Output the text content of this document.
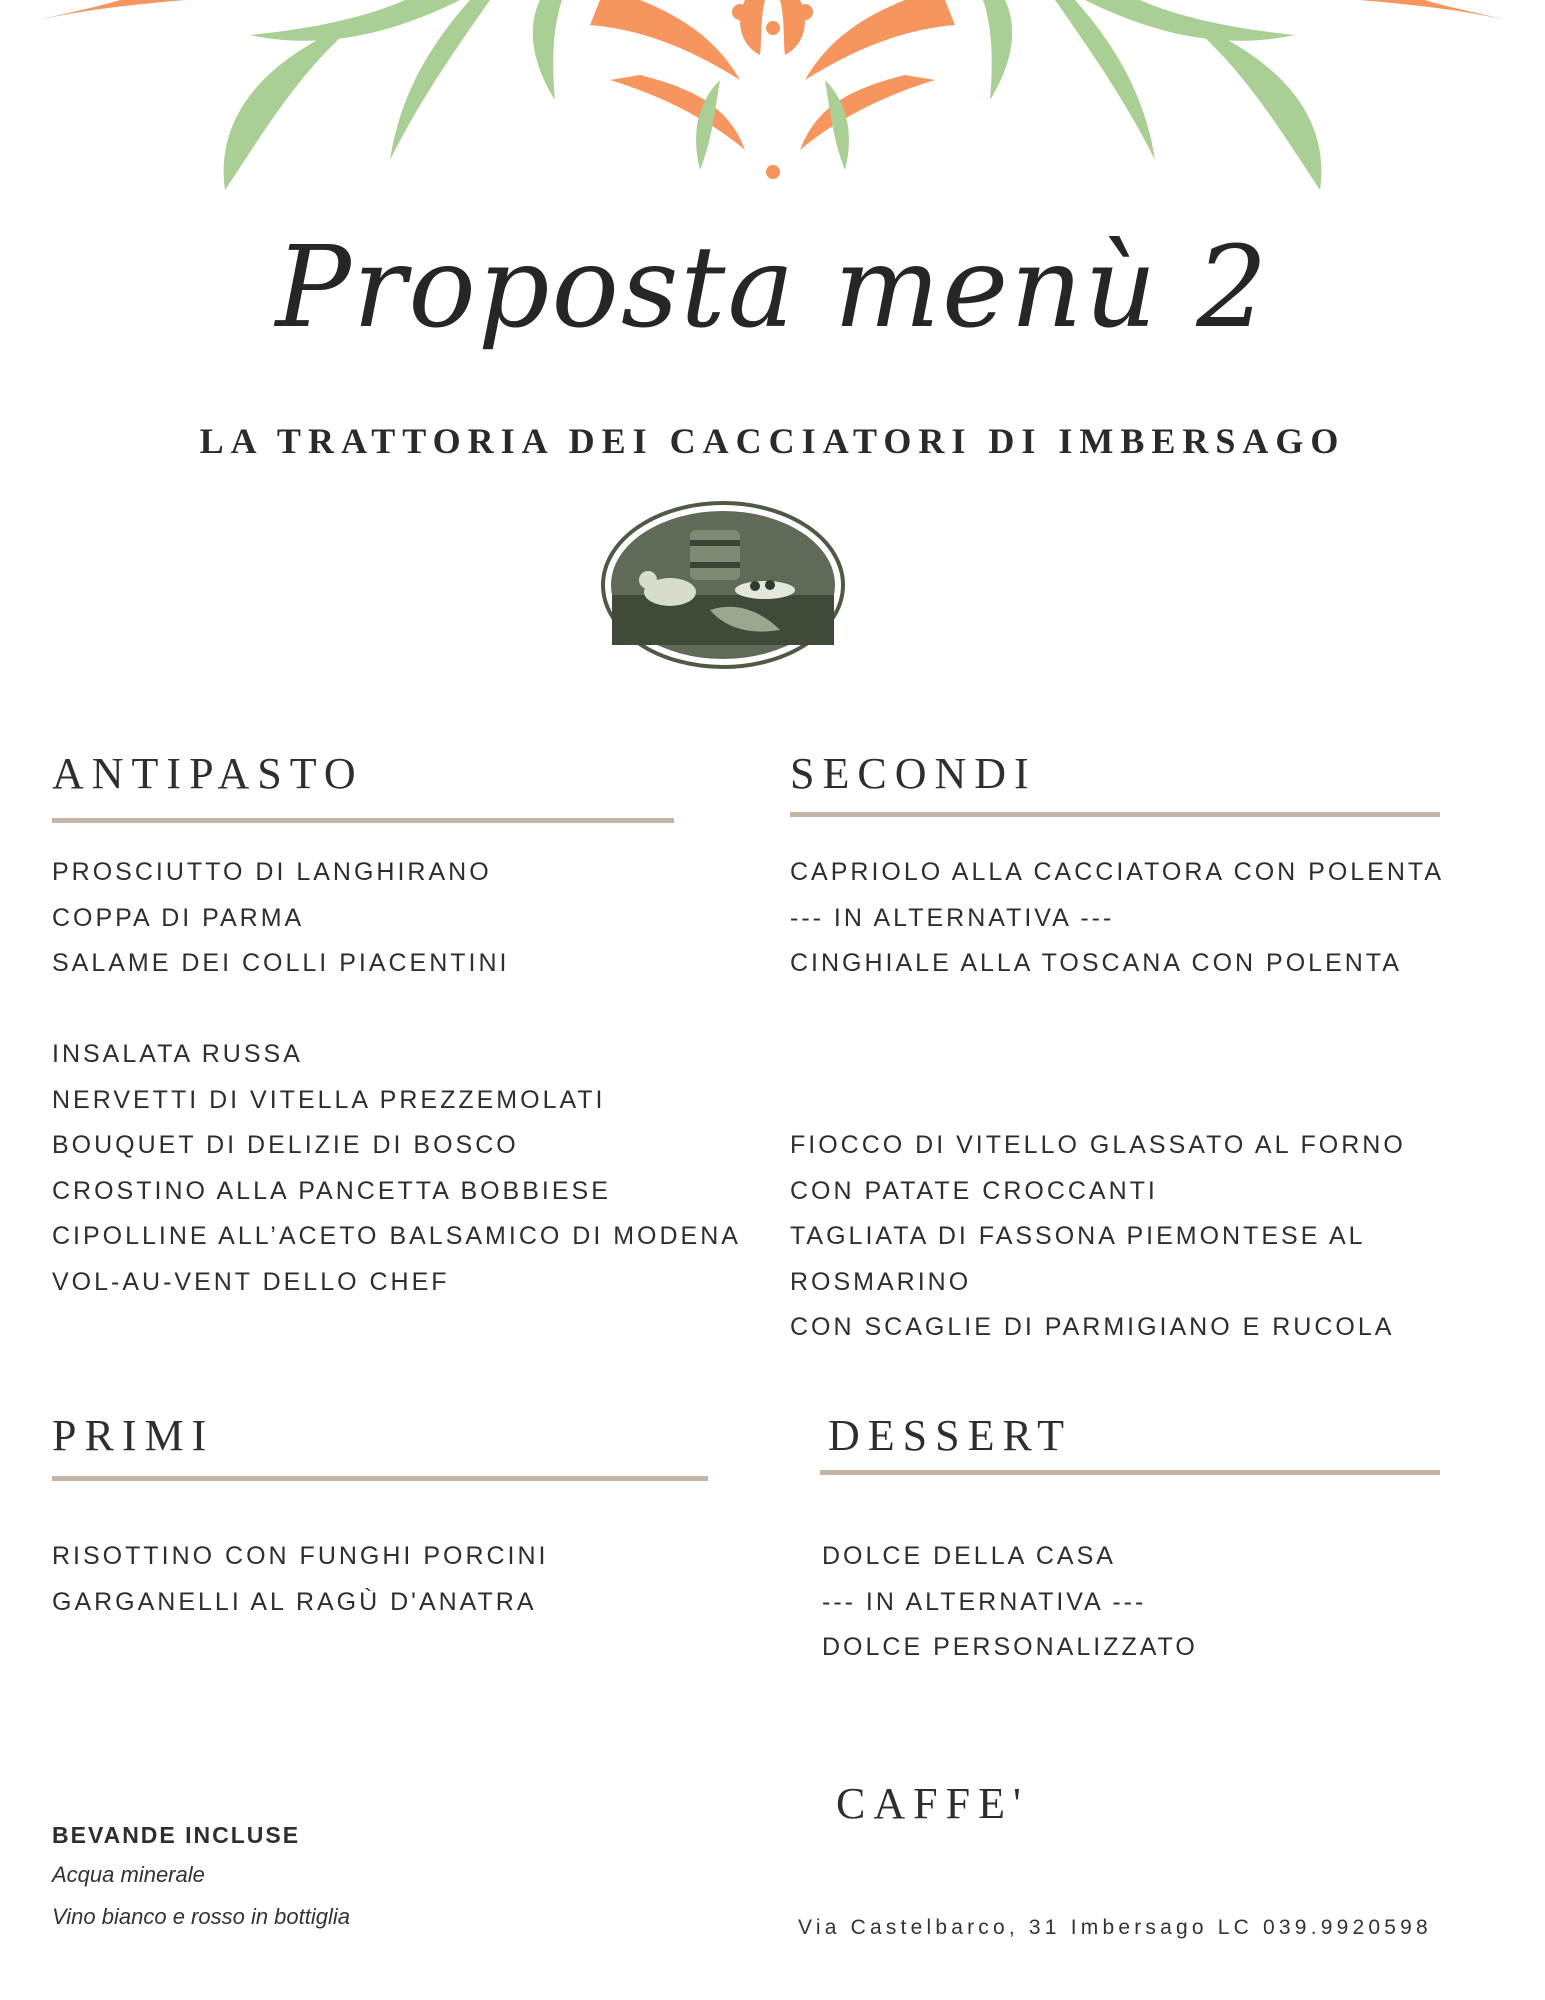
Proposta menù 2
LA TRATTORIA DEI CACCIATORI DI IMBERSAGO
ANTIPASTO
PROSCIUTTO DI LANGHIRANO
COPPA DI PARMA
SALAME DEI COLLI PIACENTINI
INSALATA RUSSA
NERVETTI DI VITELLA PREZZEMOLATI
BOUQUET DI DELIZIE DI BOSCO
CROSTINO ALLA PANCETTA BOBBIESE
CIPOLLINE ALL’ACETO BALSAMICO DI MODENA
VOL-AU-VENT DELLO CHEF
SECONDI
CAPRIOLO ALLA CACCIATORA CON POLENTA
--- IN ALTERNATIVA ---
CINGHIALE ALLA TOSCANA CON POLENTA
FIOCCO DI VITELLO GLASSATO AL FORNO
CON PATATE CROCCANTI
TAGLIATA DI FASSONA PIEMONTESE AL
ROSMARINO
CON SCAGLIE DI PARMIGIANO E RUCOLA
PRIMI
RISOTTINO CON FUNGHI PORCINI
GARGANELLI AL RAGÙ D'ANATRA
DESSERT
DOLCE DELLA CASA
--- IN ALTERNATIVA ---
DOLCE PERSONALIZZATO
CAFFE'
BEVANDE INCLUSE
Acqua minerale
Vino bianco e rosso in bottiglia	Via Castelbarco, 31 Imbersago LC 039.9920598
